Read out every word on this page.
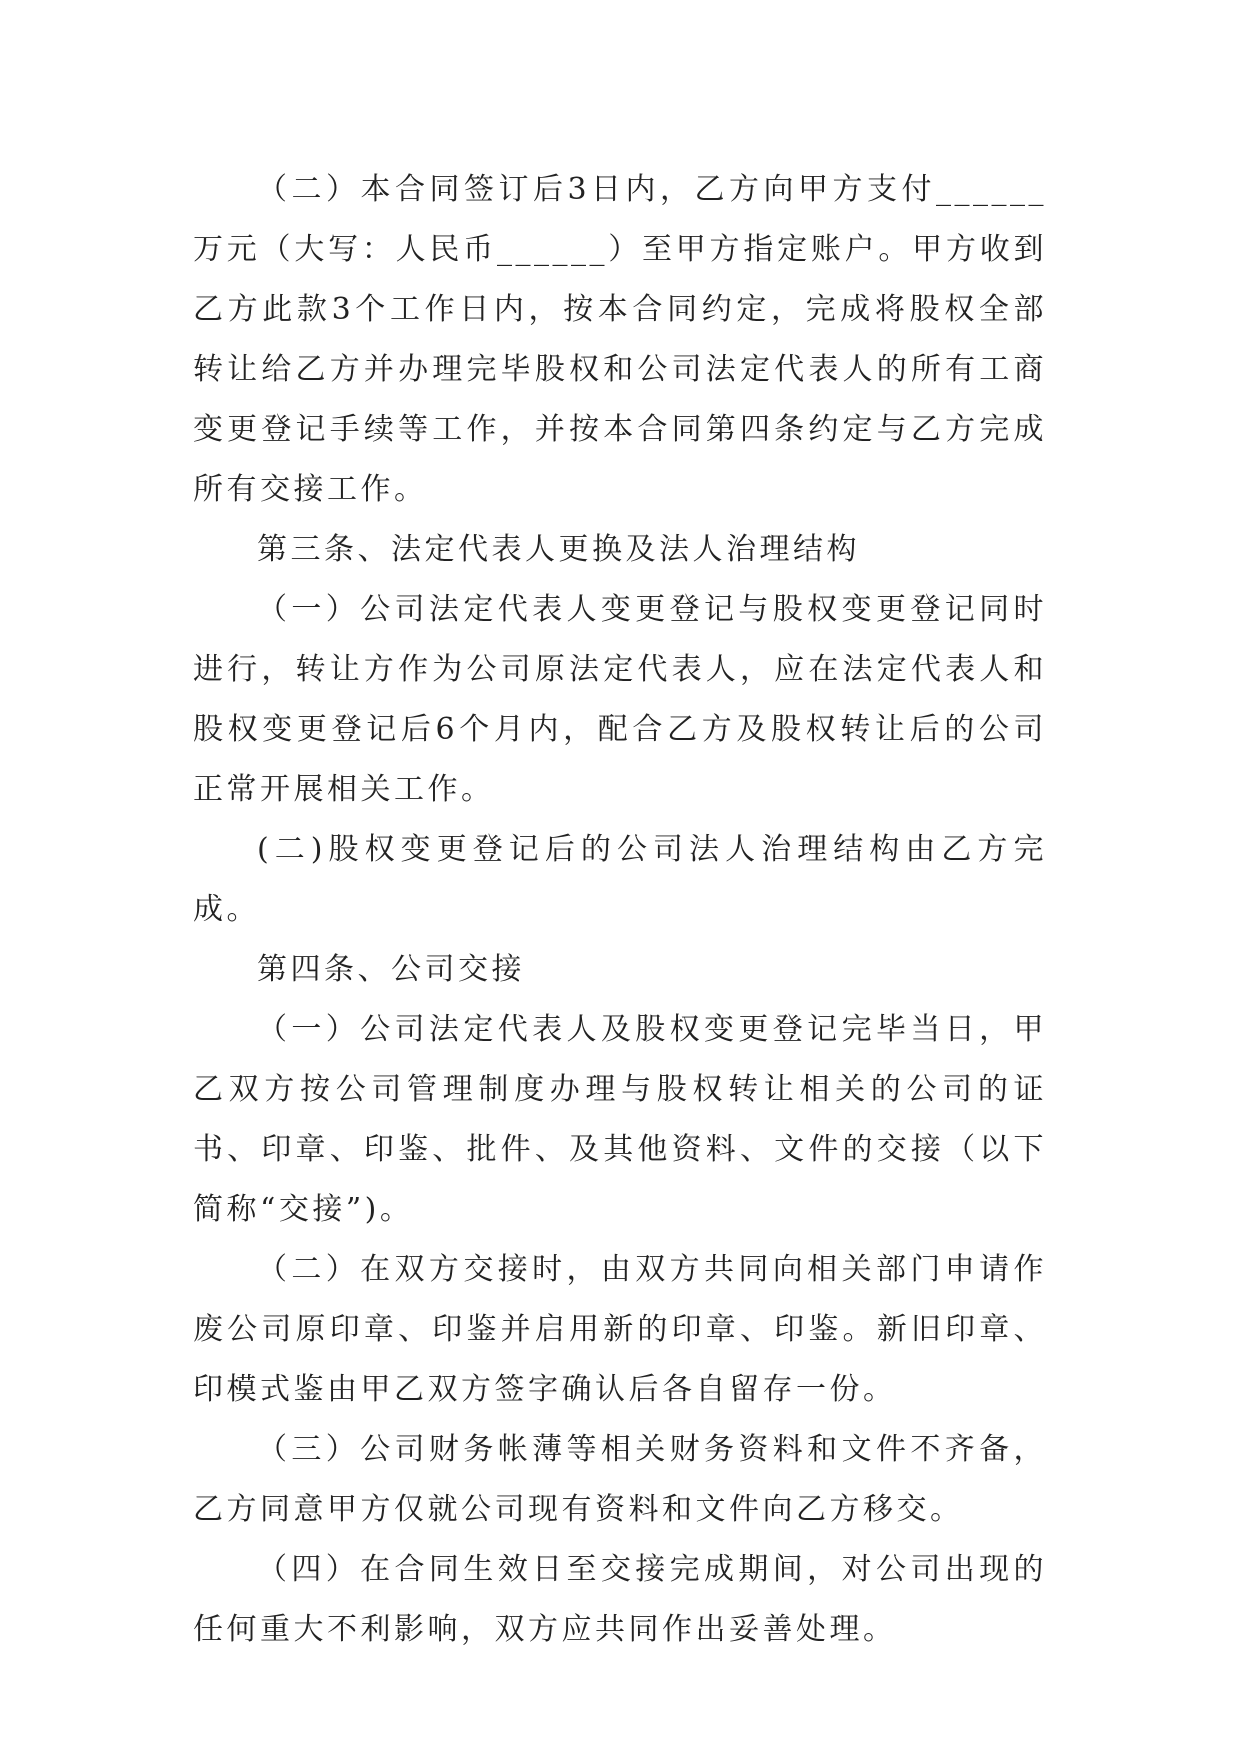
（二）本合同签订后3日内，乙方向甲方支付______万元（大写：人民币______）至甲方指定账户。甲方收到乙方此款3个工作日内，按本合同约定，完成将股权全部转让给乙方并办理完毕股权和公司法定代表人的所有工商变更登记手续等工作，并按本合同第四条约定与乙方完成所有交接工作。

第三条、法定代表人更换及法人治理结构

（一）公司法定代表人变更登记与股权变更登记同时进行，转让方作为公司原法定代表人，应在法定代表人和股权变更登记后6个月内，配合乙方及股权转让后的公司正常开展相关工作。

(二)股权变更登记后的公司法人治理结构由乙方完成。

第四条、公司交接

（一）公司法定代表人及股权变更登记完毕当日，甲乙双方按公司管理制度办理与股权转让相关的公司的证书、印章、印鉴、批件、及其他资料、文件的交接（以下简称“交接”)。

（二）在双方交接时，由双方共同向相关部门申请作废公司原印章、印鉴并启用新的印章、印鉴。新旧印章、印模式鉴由甲乙双方签字确认后各自留存一份。

（三）公司财务帐薄等相关财务资料和文件不齐备，乙方同意甲方仅就公司现有资料和文件向乙方移交。

（四）在合同生效日至交接完成期间，对公司出现的任何重大不利影响，双方应共同作出妥善处理。
